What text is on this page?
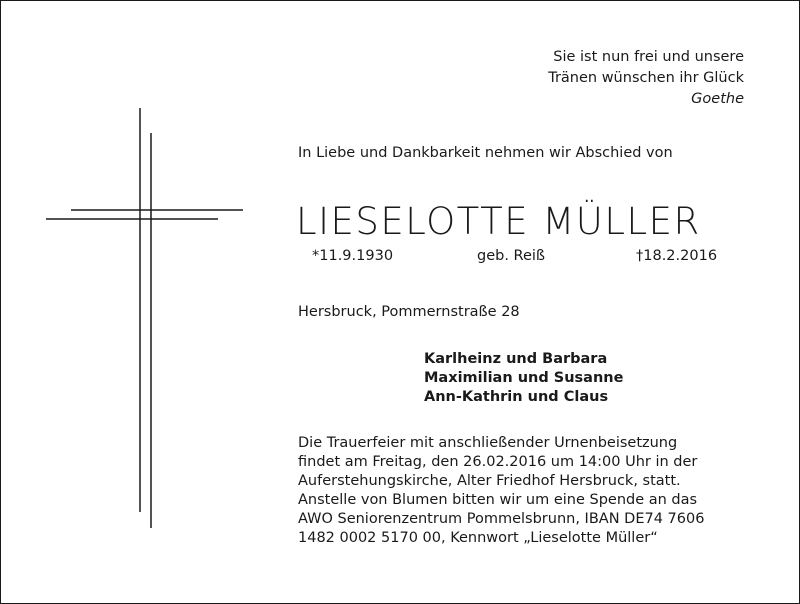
Sie ist nun frei und unsere
Tränen wünschen ihr Glück
Goethe
In Liebe und Dankbarkeit nehmen wir Abschied von
LIESELOTTE MÜLLER
*11.9.1930	geb. Reiß	†18.2.2016
Hersbruck, Pommernstraße 28
Karlheinz und Barbara
Maximilian und Susanne
Ann-Kathrin und Claus
Die Trauerfeier mit anschließender Urnenbeisetzung
findet am Freitag, den 26.02.2016 um 14:00 Uhr in der
Auferstehungskirche, Alter Friedhof Hersbruck, statt.
Anstelle von Blumen bitten wir um eine Spende an das
AWO Seniorenzentrum Pommelsbrunn, IBAN DE74 7606
1482 0002 5170 00, Kennwort „Lieselotte Müller“
